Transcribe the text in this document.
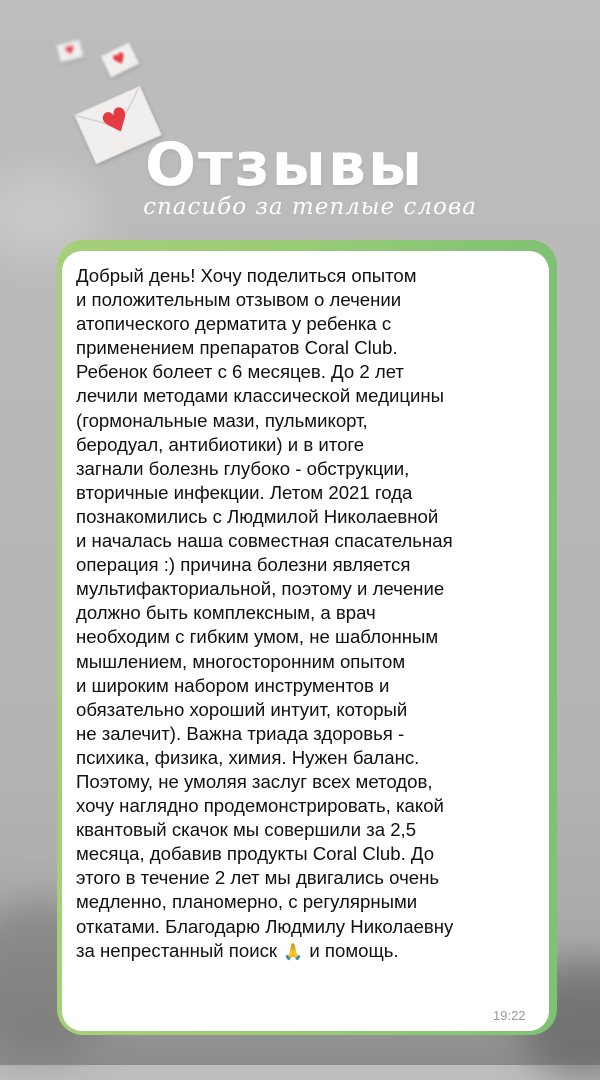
♥ ♥
♥
Отзывы
спасибо за теплые слова
Добрый день! Хочу поделиться опытом
и положительным отзывом о лечении
атопического дерматита у ребенка с
применением препаратов Coral Club.
Ребенок болеет с 6 месяцев. До 2 лет
лечили методами классической медицины
(гормональные мази, пульмикорт,
беродуал, антибиотики) и в итоге
загнали болезнь глубоко - обструкции,
вторичные инфекции. Летом 2021 года
познакомились с Людмилой Николаевной
и началась наша совместная спасательная
операция :) причина болезни является
мультифакториальной, поэтому и лечение
должно быть комплексным, а врач
необходим с гибким умом, не шаблонным
мышлением, многосторонним опытом
и широким набором инструментов и
обязательно хороший интуит, который
не залечит). Важна триада здоровья -
психика, физика, химия. Нужен баланс.
Поэтому, не умоляя заслуг всех методов,
хочу наглядно продемонстрировать, какой
квантовый скачок мы совершили за 2,5
месяца, добавив продукты Coral Club. До
этого в течение 2 лет мы двигались очень
медленно, планомерно, с регулярными
откатами. Благодарю Людмилу Николаевну
за непрестанный поиск 🙏 и помощь.
19:22
